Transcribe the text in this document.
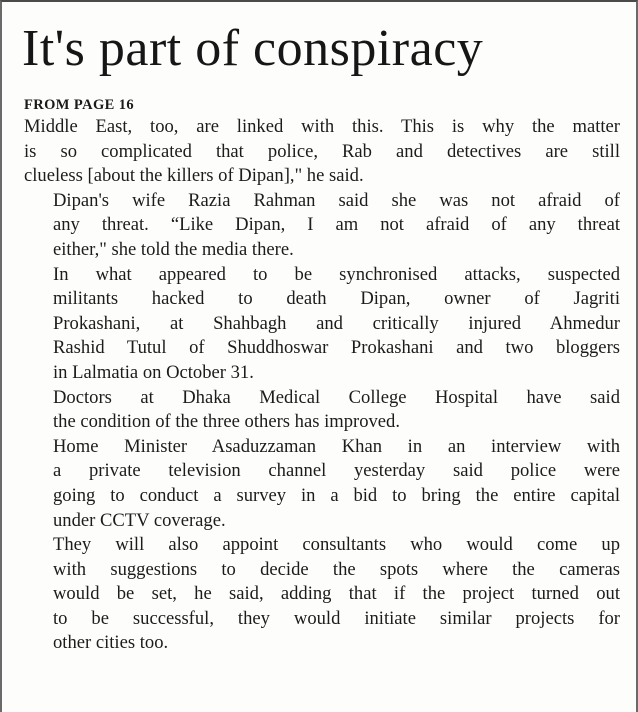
It's part of conspiracy
FROM PAGE 16

Middle East, too, are linked with this. This is why the matter
is so complicated that police, Rab and detectives are still
clueless [about the killers of Dipan]," he said.

Dipan's wife Razia Rahman said she was not afraid of
any threat. “Like Dipan, I am not afraid of any threat
either," she told the media there.

In what appeared to be synchronised attacks, suspected
militants hacked to death Dipan, owner of Jagriti
Prokashani, at Shahbagh and critically injured Ahmedur
Rashid Tutul of Shuddhoswar Prokashani and two bloggers
in Lalmatia on October 31.

Doctors at Dhaka Medical College Hospital have said
the condition of the three others has improved.

Home Minister Asaduzzaman Khan in an interview with
a private television channel yesterday said police were
going to conduct a survey in a bid to bring the entire capital
under CCTV coverage.

They will also appoint consultants who would come up
with suggestions to decide the spots where the cameras
would be set, he said, adding that if the project turned out
to be successful, they would initiate similar projects for
other cities too.
